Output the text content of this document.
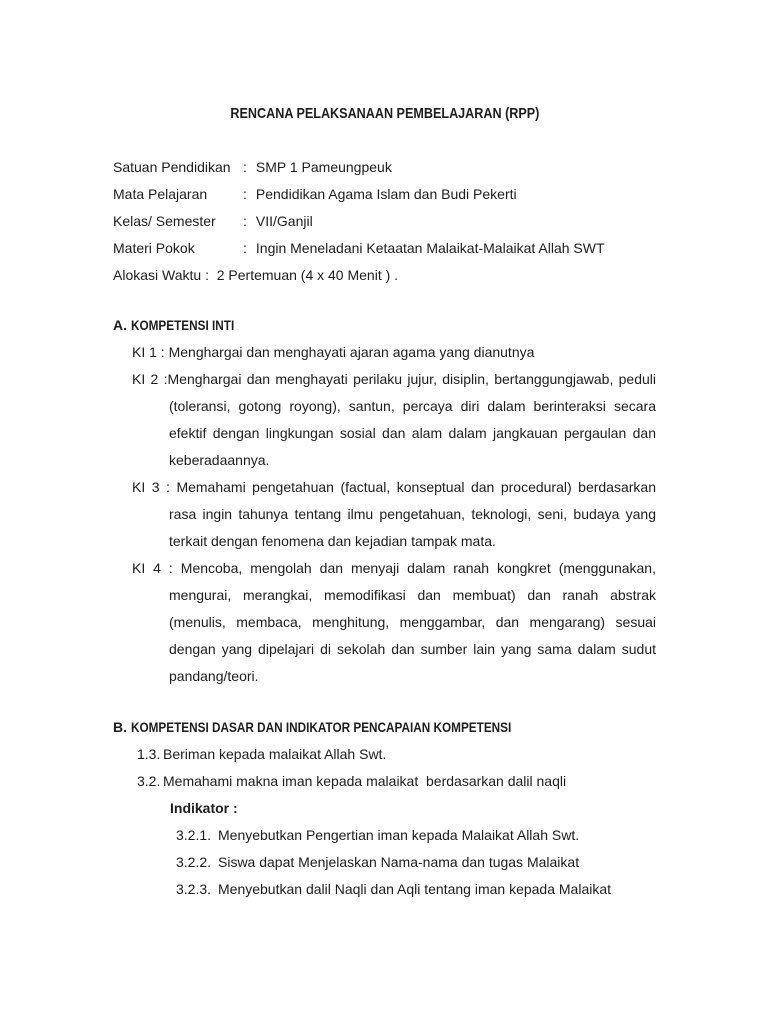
RENCANA PELAKSANAAN PEMBELAJARAN (RPP)
Satuan Pendidikan : SMP 1 Pameungpeuk
Mata Pelajaran	: Pendidikan Agama Islam dan Budi Pekerti
Kelas/ Semester	: VII/Ganjil
Materi Pokok	: Ingin Meneladani Ketaatan Malaikat-Malaikat Allah SWT
Alokasi Waktu :  2 Pertemuan (4 x 40 Menit ) .
A. KOMPETENSI INTI

KI 1 : Menghargai dan menghayati ajaran agama yang dianutnya

KI 2 :Menghargai dan menghayati perilaku jujur, disiplin, bertanggungjawab, peduli (toleransi, gotong royong), santun, percaya diri dalam berinteraksi secara efektif dengan lingkungan sosial dan alam dalam jangkauan pergaulan dan keberadaannya.

KI 3 : Memahami pengetahuan (factual, konseptual dan procedural) berdasarkan rasa ingin tahunya tentang ilmu pengetahuan, teknologi, seni, budaya yang terkait dengan fenomena dan kejadian tampak mata.

KI 4 : Mencoba, mengolah dan menyaji dalam ranah kongkret (menggunakan, mengurai, merangkai, memodifikasi dan membuat) dan ranah abstrak (menulis, membaca, menghitung, menggambar, dan mengarang) sesuai dengan yang dipelajari di sekolah dan sumber lain yang sama dalam sudut pandang/teori.

B. KOMPETENSI DASAR DAN INDIKATOR PENCAPAIAN KOMPETENSI
1.3. Beriman kepada malaikat Allah Swt.
3.2. Memahami makna iman kepada malaikat  berdasarkan dalil naqli
Indikator :
3.2.1. Menyebutkan Pengertian iman kepada Malaikat Allah Swt.
3.2.2. Siswa dapat Menjelaskan Nama-nama dan tugas Malaikat
3.2.3. Menyebutkan dalil Naqli dan Aqli tentang iman kepada Malaikat
